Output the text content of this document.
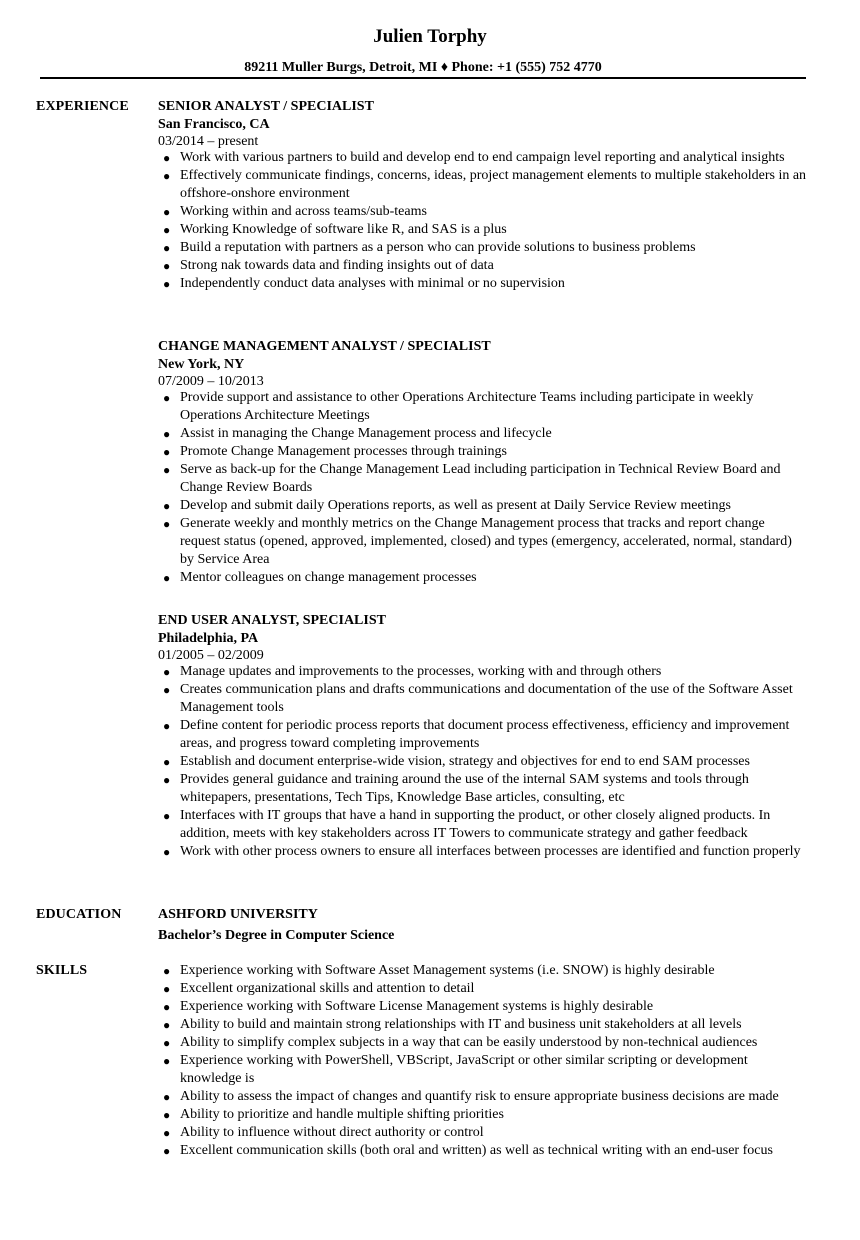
Julien Torphy
89211 Muller Burgs, Detroit, MI ♦ Phone: +1 (555) 752 4770
EXPERIENCE	SENIOR ANALYST / SPECIALIST
San Francisco, CA
03/2014 – present
● Work with various partners to build and develop end to end campaign level reporting and analytical insights
● Effectively communicate findings, concerns, ideas, project management elements to multiple stakeholders in an offshore-onshore environment
● Working within and across teams/sub-teams
● Working Knowledge of software like R, and SAS is a plus
● Build a reputation with partners as a person who can provide solutions to business problems
● Strong nak towards data and finding insights out of data
● Independently conduct data analyses with minimal or no supervision
CHANGE MANAGEMENT ANALYST / SPECIALIST
New York, NY
07/2009 – 10/2013
● Provide support and assistance to other Operations Architecture Teams including participate in weekly Operations Architecture Meetings
● Assist in managing the Change Management process and lifecycle
● Promote Change Management processes through trainings
● Serve as back-up for the Change Management Lead including participation in Technical Review Board and Change Review Boards
● Develop and submit daily Operations reports, as well as present at Daily Service Review meetings
● Generate weekly and monthly metrics on the Change Management process that tracks and report change request status (opened, approved, implemented, closed) and types (emergency, accelerated, normal, standard) by Service Area
● Mentor colleagues on change management processes
END USER ANALYST, SPECIALIST
Philadelphia, PA
01/2005 – 02/2009
● Manage updates and improvements to the processes, working with and through others
● Creates communication plans and drafts communications and documentation of the use of the Software Asset Management tools
● Define content for periodic process reports that document process effectiveness, efficiency and improvement areas, and progress toward completing improvements
● Establish and document enterprise-wide vision, strategy and objectives for end to end SAM processes
● Provides general guidance and training around the use of the internal SAM systems and tools through whitepapers, presentations, Tech Tips, Knowledge Base articles, consulting, etc
● Interfaces with IT groups that have a hand in supporting the product, or other closely aligned products. In addition, meets with key stakeholders across IT Towers to communicate strategy and gather feedback
● Work with other process owners to ensure all interfaces between processes are identified and function properly
EDUCATION	ASHFORD UNIVERSITY
Bachelor’s Degree in Computer Science
SKILLS	● Experience working with Software Asset Management systems (i.e. SNOW) is highly desirable
● Excellent organizational skills and attention to detail
● Experience working with Software License Management systems is highly desirable
● Ability to build and maintain strong relationships with IT and business unit stakeholders at all levels
● Ability to simplify complex subjects in a way that can be easily understood by non-technical audiences
● Experience working with PowerShell, VBScript, JavaScript or other similar scripting or development knowledge is
● Ability to assess the impact of changes and quantify risk to ensure appropriate business decisions are made
● Ability to prioritize and handle multiple shifting priorities
● Ability to influence without direct authority or control
● Excellent communication skills (both oral and written) as well as technical writing with an end-user focus
